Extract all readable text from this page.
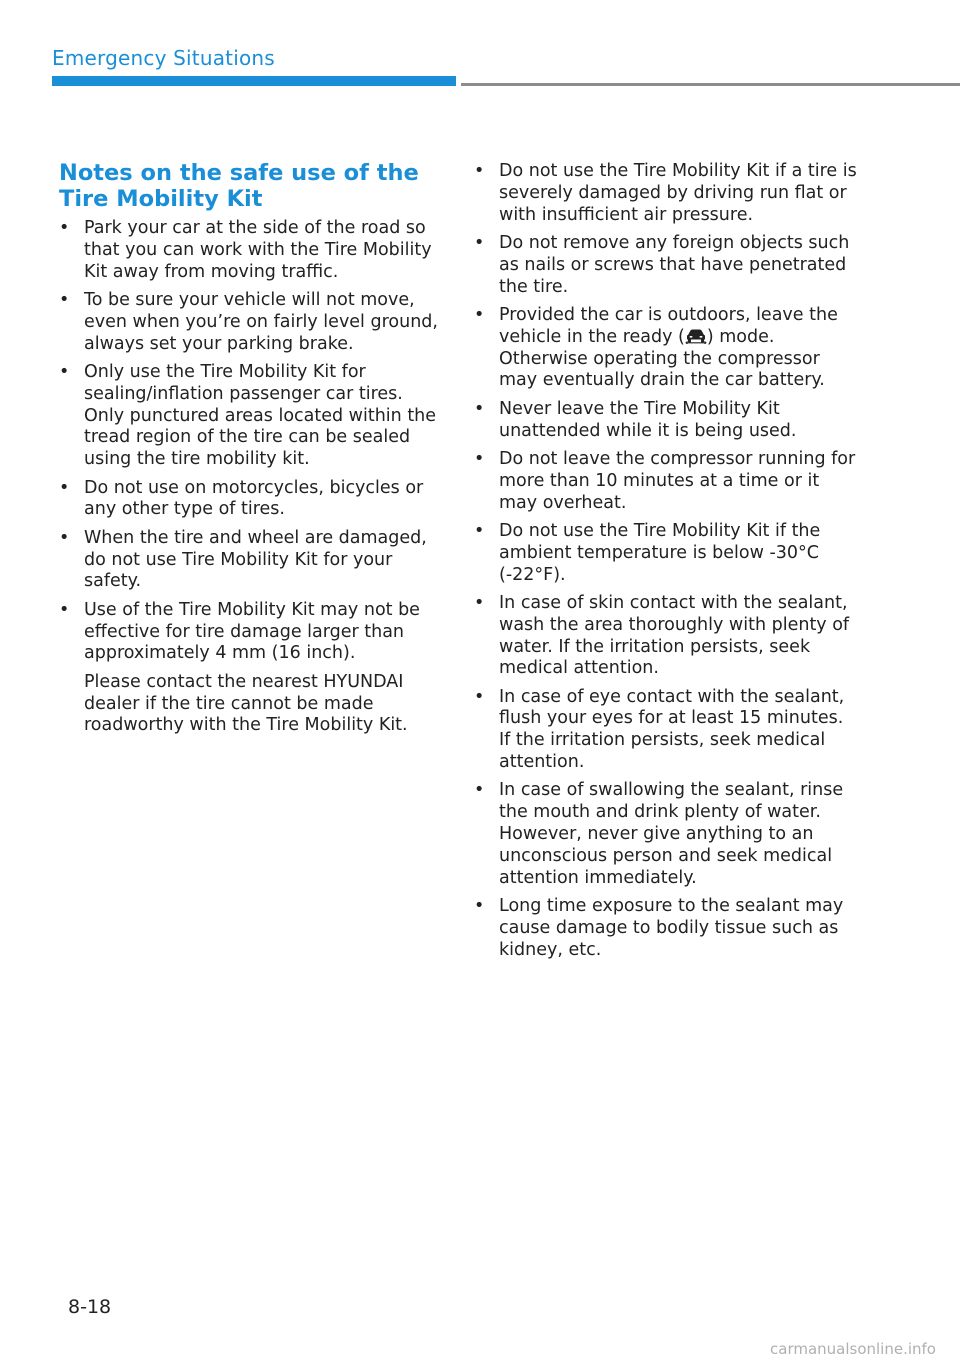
Emergency Situations
Notes on the safe use of the Tire Mobility Kit
• Park your car at the side of the road so that you can work with the Tire Mobility Kit away from moving traffic.

• To be sure your vehicle will not move, even when you’re on fairly level ground, always set your parking brake.

• Only use the Tire Mobility Kit for sealing/inflation passenger car tires. Only punctured areas located within the tread region of the tire can be sealed using the tire mobility kit.

• Do not use on motorcycles, bicycles or any other type of tires.

• When the tire and wheel are damaged, do not use Tire Mobility Kit for your safety.

• Use of the Tire Mobility Kit may not be effective for tire damage larger than approximately 4 mm (16 inch).

Please contact the nearest HYUNDAI dealer if the tire cannot be made roadworthy with the Tire Mobility Kit.

• Do not use the Tire Mobility Kit if a tire is severely damaged by driving run flat or with insufficient air pressure.

• Do not remove any foreign objects such as nails or screws that have penetrated the tire.

• Provided the car is outdoors, leave the vehicle in the ready ( ) mode. Otherwise operating the compressor may eventually drain the car battery.

• Never leave the Tire Mobility Kit unattended while it is being used.

• Do not leave the compressor running for more than 10 minutes at a time or it may overheat.

• Do not use the Tire Mobility Kit if the ambient temperature is below -30°C (-22°F).

• In case of skin contact with the sealant, wash the area thoroughly with plenty of water. If the irritation persists, seek medical attention.

• In case of eye contact with the sealant, flush your eyes for at least 15 minutes. If the irritation persists, seek medical attention.

• In case of swallowing the sealant, rinse the mouth and drink plenty of water. However, never give anything to an unconscious person and seek medical attention immediately.

• Long time exposure to the sealant may cause damage to bodily tissue such as kidney, etc.

8-18
carmanualsonline.info
